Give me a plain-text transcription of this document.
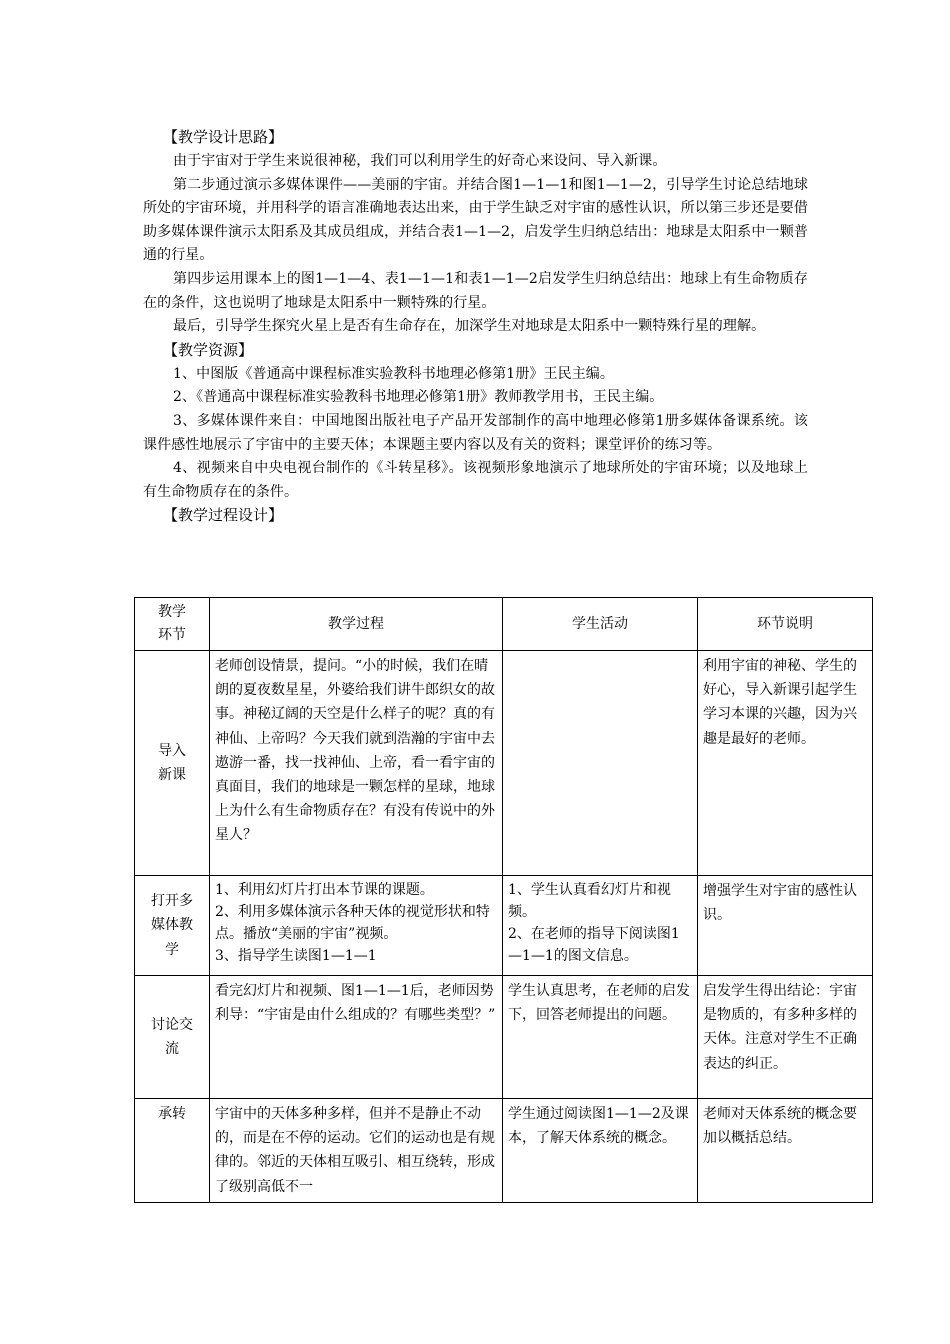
【教学设计思路】

由于宇宙对于学生来说很神秘，我们可以利用学生的好奇心来设问、导入新课。

第二步通过演示多媒体课件——美丽的宇宙。并结合图1—1—1和图1—1—2，引导学生讨论总结地球所处的宇宙环境，并用科学的语言准确地表达出来，由于学生缺乏对宇宙的感性认识，所以第三步还是要借助多媒体课件演示太阳系及其成员组成，并结合表1—1—2，启发学生归纳总结出：地球是太阳系中一颗普通的行星。

第四步运用课本上的图1—1—4、表1—1—1和表1—1—2启发学生归纳总结出：地球上有生命物质存在的条件，这也说明了地球是太阳系中一颗特殊的行星。

最后，引导学生探究火星上是否有生命存在，加深学生对地球是太阳系中一颗特殊行星的理解。

【教学资源】

1、中图版《普通高中课程标准实验教科书地理必修第1册》王民主编。

2、《普通高中课程标准实验教科书地理必修第1册》教师教学用书，王民主编。

3、多媒体课件来自：中国地图出版社电子产品开发部制作的高中地理必修第1册多媒体备课系统。该课件感性地展示了宇宙中的主要天体；本课题主要内容以及有关的资料；课堂评价的练习等。

4、视频来自中央电视台制作的《斗转星移》。该视频形象地演示了地球所处的宇宙环境；以及地球上有生命物质存在的条件。

【教学过程设计】
教学
环节	教学过程	学生活动	环节说明
导入
新课	老师创设情景，提问。“小的时候，我们在晴朗的夏夜数星星，外婆给我们讲牛郎织女的故事。神秘辽阔的天空是什么样子的呢？真的有神仙、上帝吗？今天我们就到浩瀚的宇宙中去遨游一番，找一找神仙、上帝，看一看宇宙的真面目，我们的地球是一颗怎样的星球，地球上为什么有生命物质存在？有没有传说中的外星人？		利用宇宙的神秘、学生的好心，导入新课引起学生学习本课的兴趣，因为兴趣是最好的老师。
打开多
媒体教
学	1、利用幻灯片打出本节课的课题。
2、利用多媒体演示各种天体的视觉形状和特点。播放“美丽的宇宙”视频。
3、指导学生读图1—1—1	1、学生认真看幻灯片和视频。
2、在老师的指导下阅读图1—1—1的图文信息。	增强学生对宇宙的感性认识。
讨论交
流	看完幻灯片和视频、图1—1—1后，老师因势利导：“宇宙是由什么组成的？有哪些类型？”	学生认真思考，在老师的启发下，回答老师提出的问题。	启发学生得出结论：宇宙是物质的，有多种多样的天体。注意对学生不正确表达的纠正。
承转	宇宙中的天体多种多样，但并不是静止不动的，而是在不停的运动。它们的运动也是有规律的。邻近的天体相互吸引、相互绕转，形成了级别高低不一	学生通过阅读图1—1—2及课本，了解天体系统的概念。	老师对天体系统的概念要加以概括总结。
